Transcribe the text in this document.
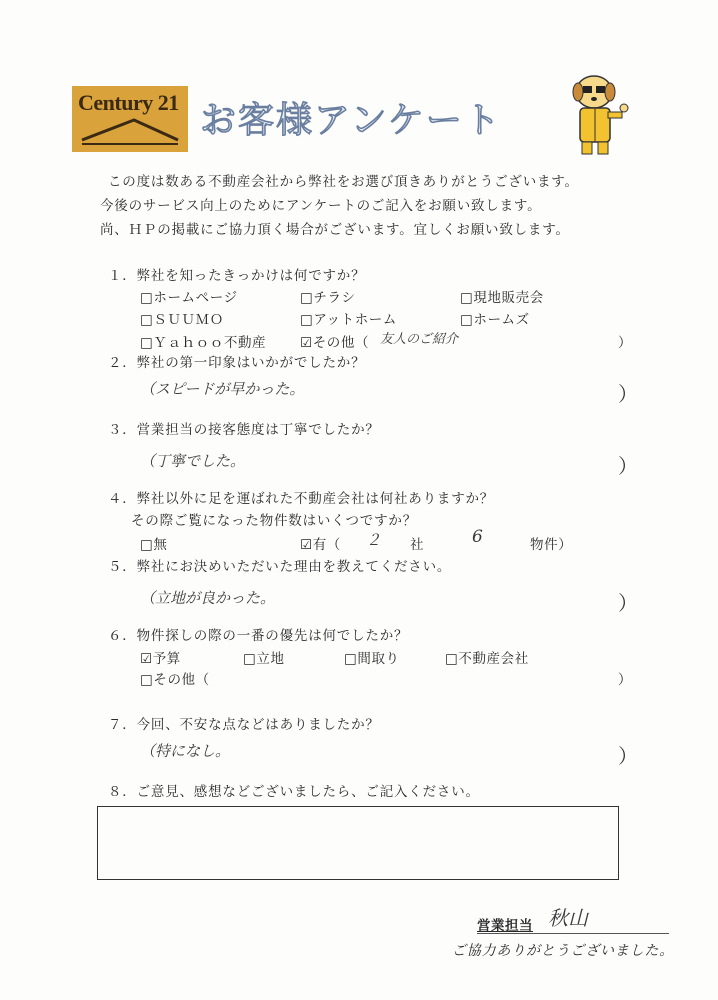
Century 21 お客様アンケート
この度は数ある不動産会社から弊社をお選び頂きありがとうございます。
今後のサービス向上のためにアンケートのご記入をお願い致します。
尚、ＨＰの掲載にご協力頂く場合がございます。宜しくお願い致します。
１．弊社を知ったきっかけは何ですか？
□ホームページ	□チラシ	□現地販売会
□ＳＵＵＭＯ	□アットホーム	□ホームズ
□Ｙａｈｏｏ不動産	☑その他（ 友人のご紹介	）
２．弊社の第一印象はいかがでしたか？
（スピードが早かった。	）
３．営業担当の接客態度は丁寧でしたか？
（丁寧でした。	）
４．弊社以外に足を運ばれた不動産会社は何社ありますか？
その際ご覧になった物件数はいくつですか？
□無	☑有（ ２ 社	6	物件）
５．弊社にお決めいただいた理由を教えてください。
（立地が良かった。	）
６．物件探しの際の一番の優先は何でしたか？
☑予算	□立地	□間取り	□不動産会社
□その他（	）
７．今回、不安な点などはありましたか？
（特になし。	）
８．ご意見、感想などございましたら、ご記入ください。
営業担当 秋山
ご協力ありがとうございました。
